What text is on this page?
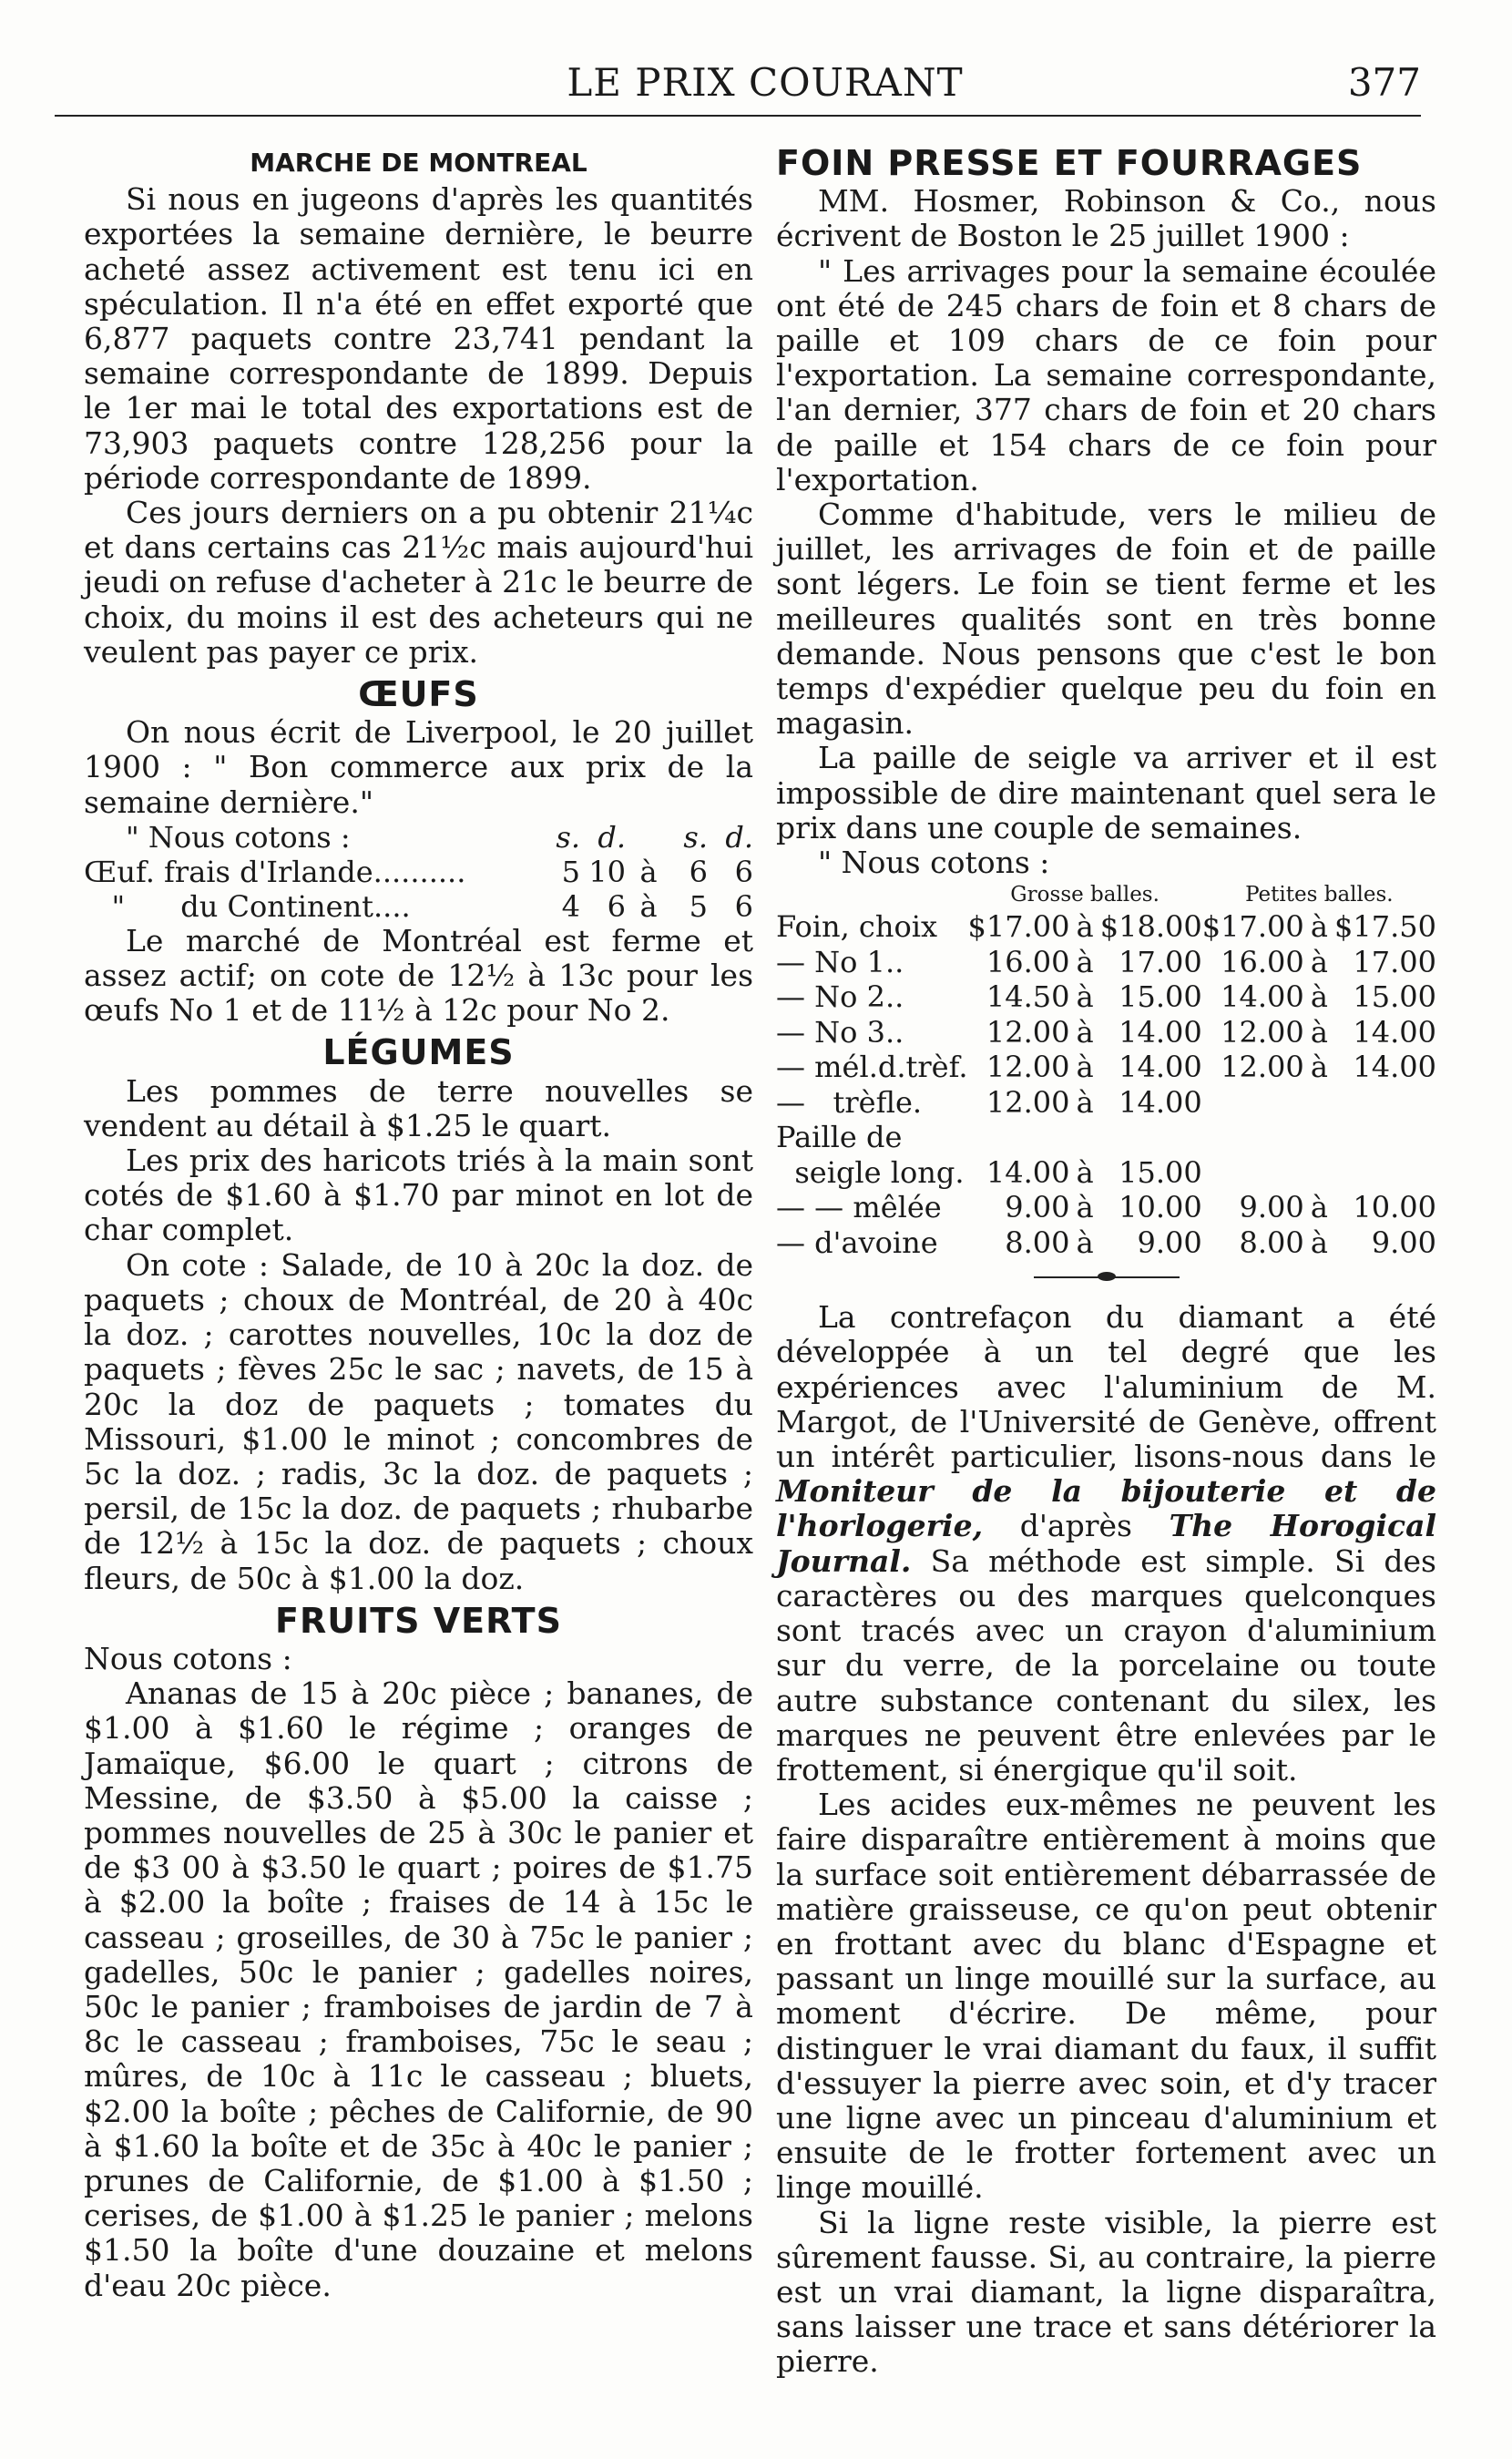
LE PRIX COURANT	377
MARCHE DE MONTREAL

Si nous en jugeons d'après les quantités exportées la semaine dernière, le beurre acheté assez activement est tenu ici en spéculation. Il n'a été en effet exporté que 6,877 paquets contre 23,741 pendant la semaine correspondante de 1899. Depuis le 1er mai le total des exportations est de 73,903 paquets contre 128,256 pour la période correspondante de 1899.

Ces jours derniers on a pu obtenir 21¼c et dans certains cas 21½c mais aujourd'hui jeudi on refuse d'acheter à 21c le beurre de choix, du moins il est des acheteurs qui ne veulent pas payer ce prix.

ŒUFS

On nous écrit de Liverpool, le 20 juillet 1900 : " Bon commerce aux prix de la semaine dernière."

" Nous cotons :	s.	d.		s.	d.
Œuf. frais d'Irlande..........	5	10	à	6	6
"      du Continent....	4	6	à	5	6

Le marché de Montréal est ferme et assez actif; on cote de 12½ à 13c pour les œufs No 1 et de 11½ à 12c pour No 2.

LÉGUMES

Les pommes de terre nouvelles se vendent au détail à $1.25 le quart.

Les prix des haricots triés à la main sont cotés de $1.60 à $1.70 par minot en lot de char complet.

On cote : Salade, de 10 à 20c la doz. de paquets ; choux de Montréal, de 20 à 40c la doz. ; carottes nouvelles, 10c la doz de paquets ; fèves 25c le sac ; navets, de 15 à 20c la doz de paquets ; tomates du Missouri, $1.00 le minot ; concombres de 5c la doz. ; radis, 3c la doz. de paquets ; persil, de 15c la doz. de paquets ; rhubarbe de 12½ à 15c la doz. de paquets ; choux fleurs, de 50c à $1.00 la doz.

FRUITS VERTS

Nous cotons :

Ananas de 15 à 20c pièce ; bananes, de $1.00 à $1.60 le régime ; oranges de Jamaïque, $6.00 le quart ; citrons de Messine, de $3.50 à $5.00 la caisse ; pommes nouvelles de 25 à 30c le panier et de $3 00 à $3.50 le quart ; poires de $1.75 à $2.00 la boîte ; fraises de 14 à 15c le casseau ; groseilles, de 30 à 75c le panier ; gadelles, 50c le panier ; gadelles noires, 50c le panier ; framboises de jardin de 7 à 8c le casseau ; framboises, 75c le seau ; mûres, de 10c à 11c le casseau ; bluets, $2.00 la boîte ; pêches de Californie, de 90 à $1.60 la boîte et de 35c à 40c le panier ; prunes de Californie, de $1.00 à $1.50 ; cerises, de $1.00 à $1.25 le panier ; melons $1.50 la boîte d'une douzaine et melons d'eau 20c pièce.

FOIN PRESSE ET FOURRAGES

MM. Hosmer, Robinson & Co., nous écrivent de Boston le 25 juillet 1900 :

" Les arrivages pour la semaine écoulée ont été de 245 chars de foin et 8 chars de paille et 109 chars de ce foin pour l'exportation. La semaine correspondante, l'an dernier, 377 chars de foin et 20 chars de paille et 154 chars de ce foin pour l'exportation.

Comme d'habitude, vers le milieu de juillet, les arrivages de foin et de paille sont légers. Le foin se tient ferme et les meilleures qualités sont en très bonne demande. Nous pensons que c'est le bon temps d'expédier quelque peu du foin en magasin.

La paille de seigle va arriver et il est impossible de dire maintenant quel sera le prix dans une couple de semaines.

" Nous cotons :

	Grosse balles.			Petites balles.		
Foin, choix	$17.00	à	$18.00	$17.00	à	$17.50
— No 1..	16.00	à	17.00	16.00	à	17.00
— No 2..	14.50	à	15.00	14.00	à	15.00
— No 3..	12.00	à	14.00	12.00	à	14.00
— mél.d.trèf.	12.00	à	14.00	12.00	à	14.00
—   trèfle.	12.00	à	14.00			
Paille de						
seigle long.	14.00	à	15.00			
— — mêlée	9.00	à	10.00	9.00	à	10.00
— d'avoine	8.00	à	9.00	8.00	à	9.00

La contrefaçon du diamant a été développée à un tel degré que les expériences avec l'aluminium de M. Margot, de l'Université de Genève, offrent un intérêt particulier, lisons-nous dans le Moniteur de la bijouterie et de l'horlogerie, d'après The Horogical Journal. Sa méthode est simple. Si des caractères ou des marques quelconques sont tracés avec un crayon d'aluminium sur du verre, de la porcelaine ou toute autre substance contenant du silex, les marques ne peuvent être enlevées par le frottement, si énergique qu'il soit.

Les acides eux-mêmes ne peuvent les faire disparaître entièrement à moins que la surface soit entièrement débarrassée de matière graisseuse, ce qu'on peut obtenir en frottant avec du blanc d'Espagne et passant un linge mouillé sur la surface, au moment d'écrire. De même, pour distinguer le vrai diamant du faux, il suffit d'essuyer la pierre avec soin, et d'y tracer une ligne avec un pinceau d'aluminium et ensuite de le frotter fortement avec un linge mouillé.

Si la ligne reste visible, la pierre est sûrement fausse. Si, au contraire, la pierre est un vrai diamant, la ligne disparaîtra, sans laisser une trace et sans détériorer la pierre.
